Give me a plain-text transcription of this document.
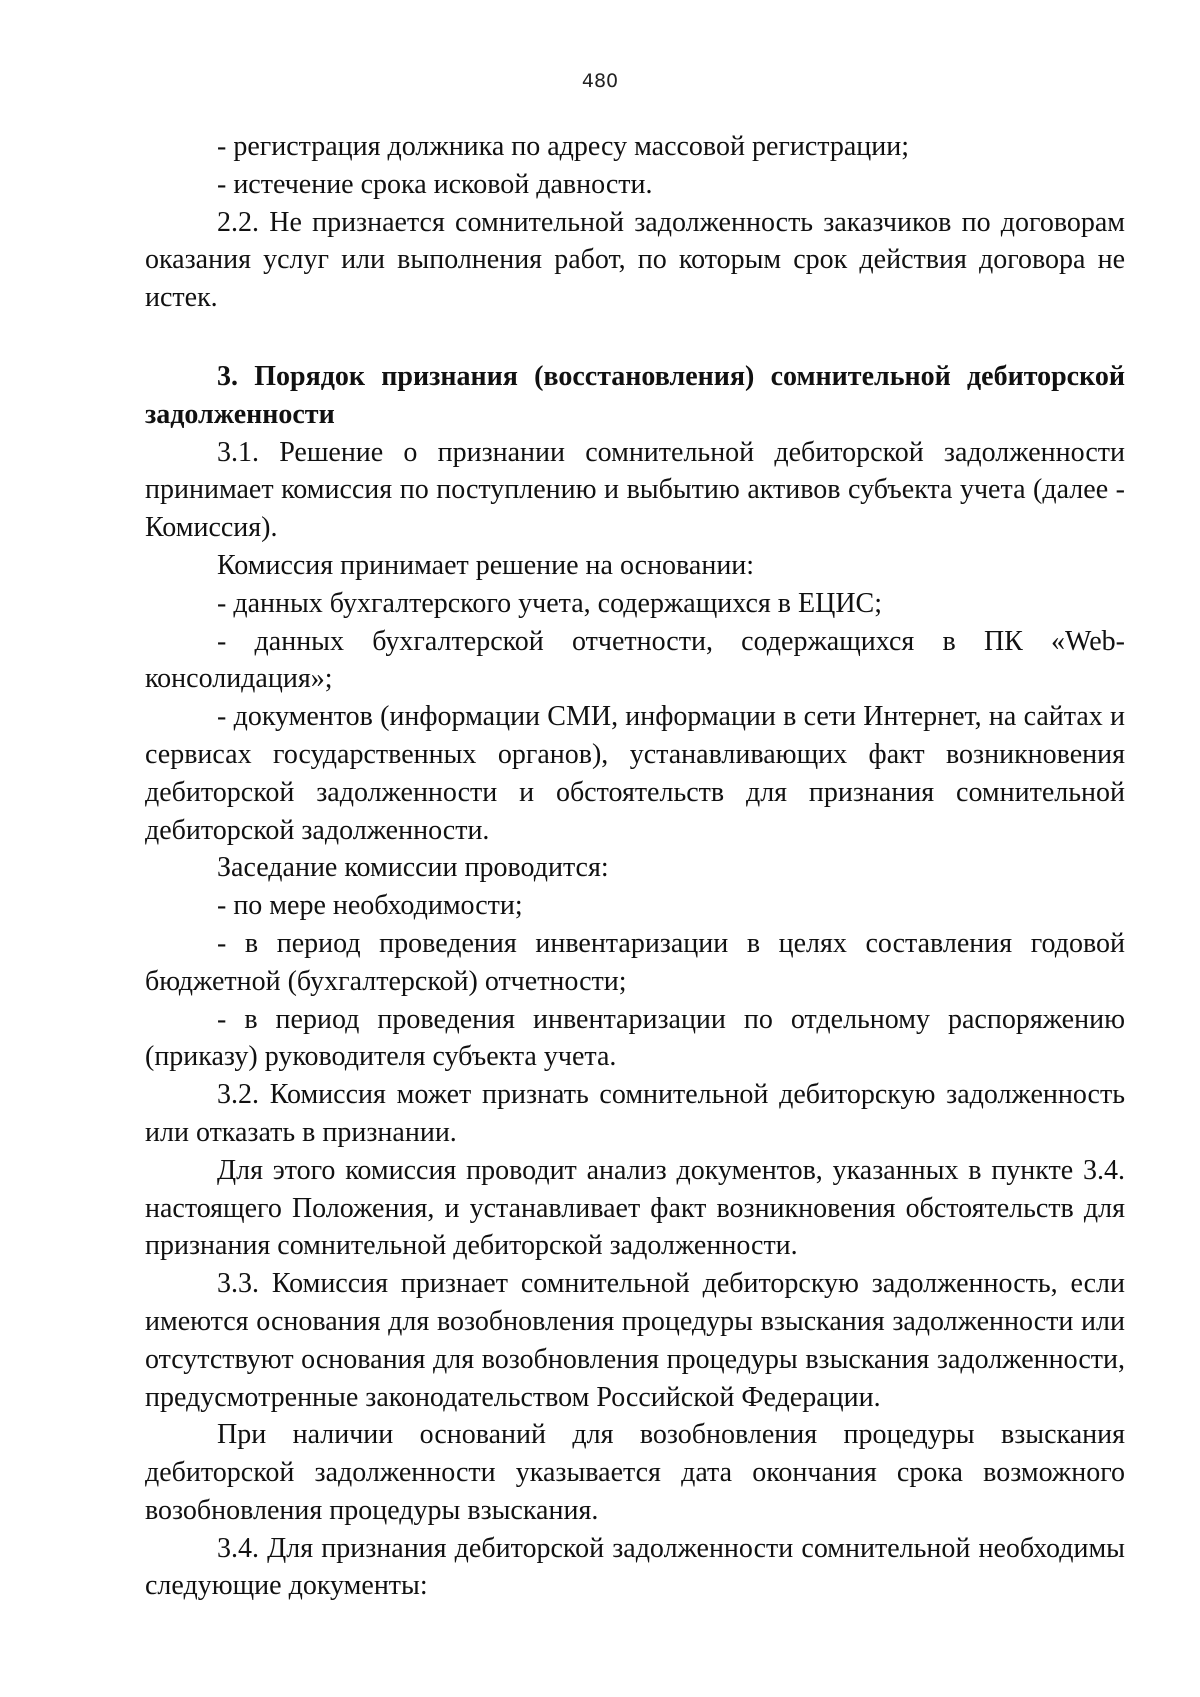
480

- регистрация должника по адресу массовой регистрации;

- истечение срока исковой давности.

2.2. Не признается сомнительной задолженность заказчиков по договорам оказания услуг или выполнения работ, по которым срок действия договора не истек.

3. Порядок признания (восстановления) сомнительной дебиторской задолженности

3.1. Решение о признании сомнительной дебиторской задолженности принимает комиссия по поступлению и выбытию активов субъекта учета (далее - Комиссия).

Комиссия принимает решение на основании:

- данных бухгалтерского учета, содержащихся в ЕЦИС;

- данных бухгалтерской отчетности, содержащихся в ПК «Web-консолидация»;

- документов (информации СМИ, информации в сети Интернет, на сайтах и сервисах государственных органов), устанавливающих факт возникновения дебиторской задолженности и обстоятельств для признания сомнительной дебиторской задолженности.

Заседание комиссии проводится:

- по мере необходимости;

- в период проведения инвентаризации в целях составления годовой бюджетной (бухгалтерской) отчетности;

- в период проведения инвентаризации по отдельному распоряжению (приказу) руководителя субъекта учета.

3.2. Комиссия может признать сомнительной дебиторскую задолженность или отказать в признании.

Для этого комиссия проводит анализ документов, указанных в пункте 3.4. настоящего Положения, и устанавливает факт возникновения обстоятельств для признания сомнительной дебиторской задолженности.

3.3. Комиссия признает сомнительной дебиторскую задолженность, если имеются основания для возобновления процедуры взыскания задолженности или отсутствуют основания для возобновления процедуры взыскания задолженности, предусмотренные законодательством Российской Федерации.

При наличии оснований для возобновления процедуры взыскания дебиторской задолженности указывается дата окончания срока возможного возобновления процедуры взыскания.

3.4. Для признания дебиторской задолженности сомнительной необходимы следующие документы:
